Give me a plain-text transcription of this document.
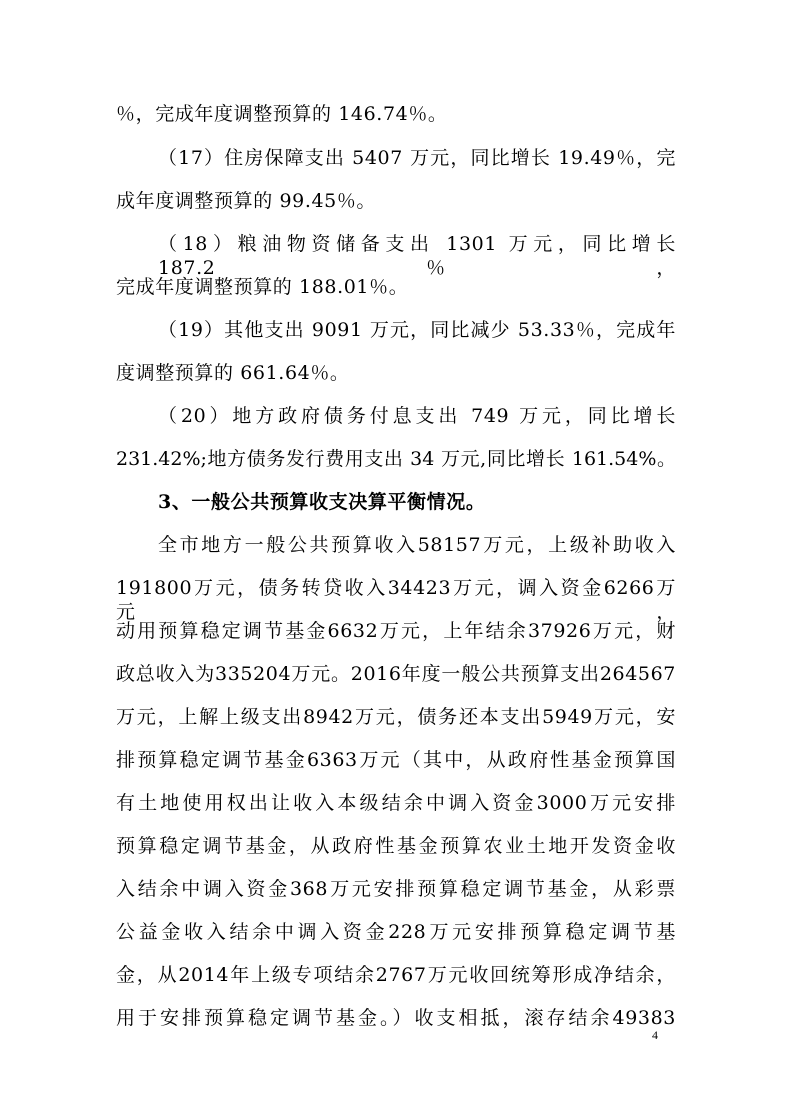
％，完成年度调整预算的 146.74％。
（17）住房保障支出 5407 万元，同比增长 19.49％，完
成年度调整预算的 99.45％。
（18）粮油物资储备支出 1301 万元，同比增长 187.2％，
完成年度调整预算的 188.01％。
（19）其他支出 9091 万元，同比减少 53.33％，完成年
度调整预算的 661.64％。
（20）地方政府债务付息支出 749 万元，同比增长
231.42%;地方债务发行费用支出 34 万元,同比增长 161.54%。
3、一般公共预算收支决算平衡情况。
全市地方一般公共预算收入58157万元，上级补助收入
191800万元，债务转贷收入34423万元，调入资金6266万元，
动用预算稳定调节基金6632万元，上年结余37926万元，财
政总收入为335204万元。2016年度一般公共预算支出264567
万元，上解上级支出8942万元，债务还本支出5949万元，安
排预算稳定调节基金6363万元（其中，从政府性基金预算国
有土地使用权出让收入本级结余中调入资金3000万元安排
预算稳定调节基金，从政府性基金预算农业土地开发资金收
入结余中调入资金368万元安排预算稳定调节基金，从彩票
公益金收入结余中调入资金228万元安排预算稳定调节基
金，从2014年上级专项结余2767万元收回统筹形成净结余，
用于安排预算稳定调节基金。）收支相抵，滚存结余49383
4
